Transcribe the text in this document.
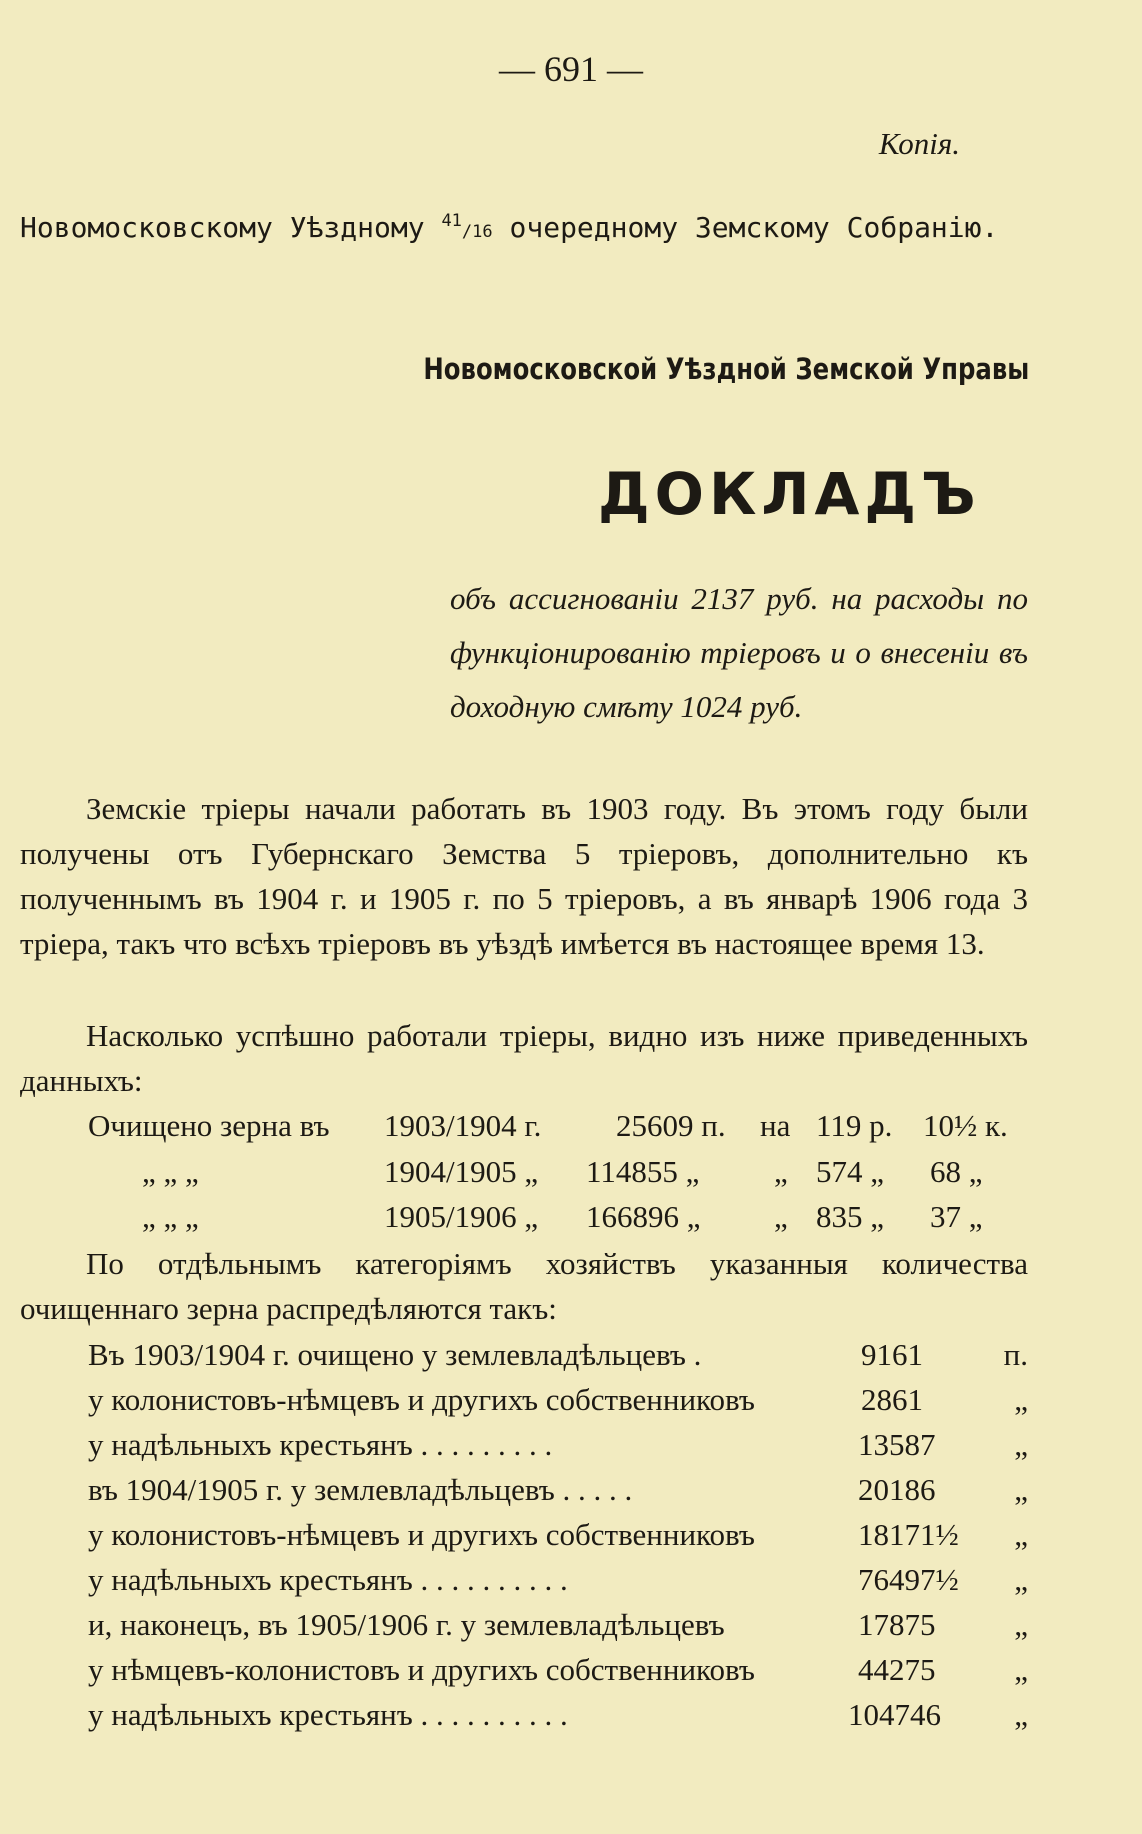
— 691 —
Копія.
Новомосковскому Уѣздному $^{41}$/16 очередному Земскому Собранію.
Новомосковской Уѣздной Земской Управы
ДОКЛАДЪ
объ ассигнованіи 2137 руб. на расходы по функціонированію тріеровъ и о внесеніи въ доходную смѣту 1024 руб.
Земскіе тріеры начали работать въ 1903 году. Въ этомъ году были получены отъ Губернскаго Земства 5 тріеровъ, дополнительно къ полученнымъ въ 1904 г. и 1905 г. по 5 тріеровъ, а въ январѣ 1906 года 3 тріера, такъ что всѣхъ тріеровъ въ уѣздѣ имѣется въ настоящее время 13.
Насколько успѣшно работали тріеры, видно изъ ниже приведенныхъ данныхъ:
Очищено зерна въ 1903/1904 г. 25609 п. на 119 р. 10½ к.
„ „ „	1904/1905 „ 114855 „ „ 574 „ 68 „
„ „ „	1905/1906 „ 166896 „ „ 835 „ 37 „
По отдѣльнымъ категоріямъ хозяйствъ указанныя количества очищеннаго зерна распредѣляются такъ:
Въ 1903/1904 г. очищено у землевладѣльцевъ .	9161	п.
у колонистовъ-нѣмцевъ и другихъ собственниковъ	2861	„
у надѣльныхъ крестьянъ . . . . . . . . .	13587	„
въ 1904/1905 г. у землевладѣльцевъ . . . . .	20186	„
у колонистовъ-нѣмцевъ и другихъ собственниковъ	18171½ „
у надѣльныхъ крестьянъ . . . . . . . . . .	76497½ „
и, наконецъ, въ 1905/1906 г. у землевладѣльцевъ	17875	„
у нѣмцевъ-колонистовъ и другихъ собственниковъ	44275	„
у надѣльныхъ крестьянъ . . . . . . . . . .	104746 „
